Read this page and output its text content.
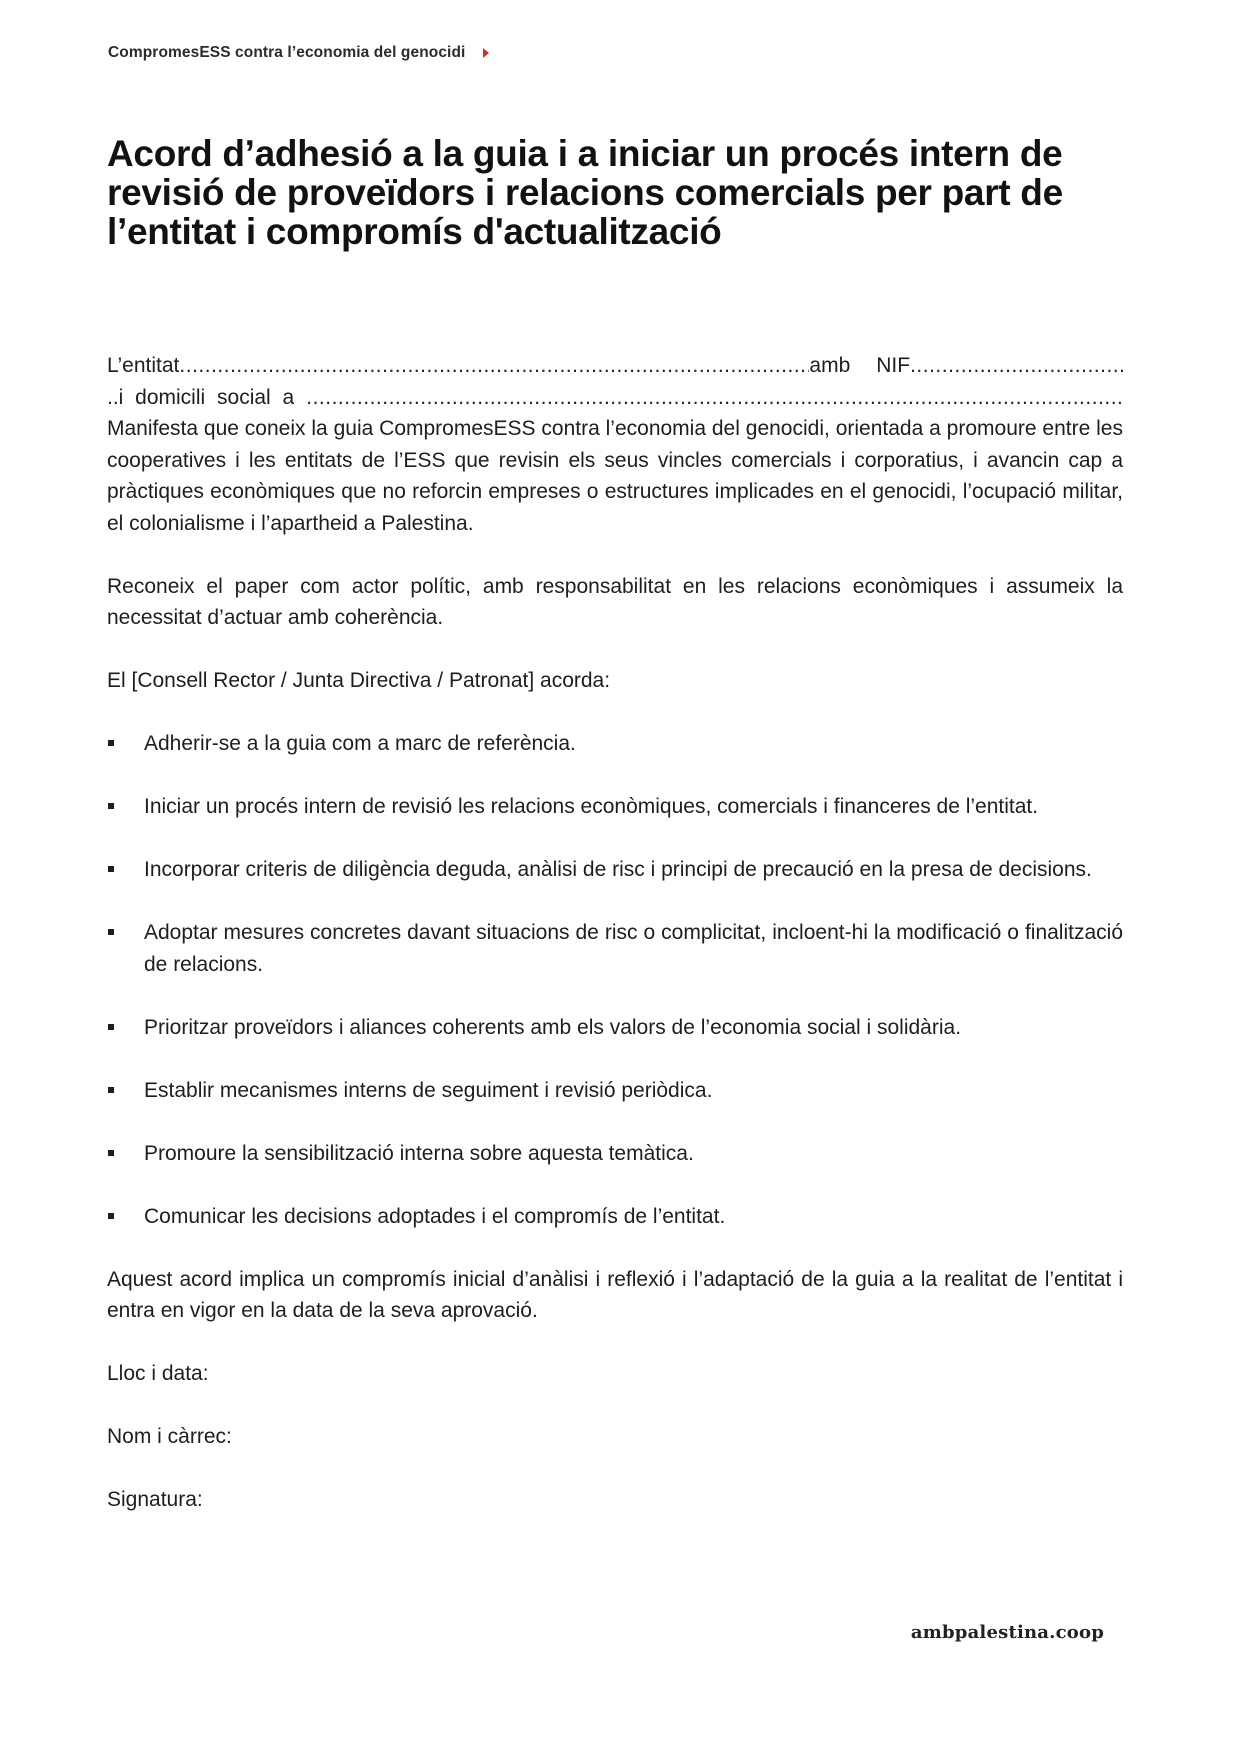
CompromesESS contra l’economia del genocidi
Acord d’adhesió a la guia i a iniciar un procés intern de revisió de proveïdors i relacions comercials per part de l’entitat i compromís d'actualització
L’entitat
.....	amb NIF
.....
..i domicili social a
.....

Manifesta que coneix la guia CompromesESS contra l’economia del genocidi, orientada a promoure entre les cooperatives i les entitats de l’ESS que revisin els seus vincles comercials i corporatius, i avancin cap a pràctiques econòmiques que no reforcin empreses o estructures implicades en el genocidi, l’ocupació militar, el colonialisme i l’apartheid a Palestina.

Reconeix el paper com actor polític, amb responsabilitat en les relacions econòmiques i assumeix la necessitat d’actuar amb coherència.

El [Consell Rector / Junta Directiva / Patronat] acorda:

Adherir-se a la guia com a marc de referència.
Iniciar un procés intern de revisió les relacions econòmiques, comercials i financeres de l’entitat.
Incorporar criteris de diligència deguda, anàlisi de risc i principi de precaució en la presa de decisions.
Adoptar mesures concretes davant situacions de risc o complicitat, incloent-hi la modificació o finalització de relacions.
Prioritzar proveïdors i aliances coherents amb els valors de l’economia social i solidària.
Establir mecanismes interns de seguiment i revisió periòdica.
Promoure la sensibilització interna sobre aquesta temàtica.
Comunicar les decisions adoptades i el compromís de l’entitat.

Aquest acord implica un compromís inicial d’anàlisi i reflexió i l’adaptació de la guia a la realitat de l’entitat i entra en vigor en la data de la seva aprovació.

Lloc i data:

Nom i càrrec:

Signatura:

ambpalestina.coop
